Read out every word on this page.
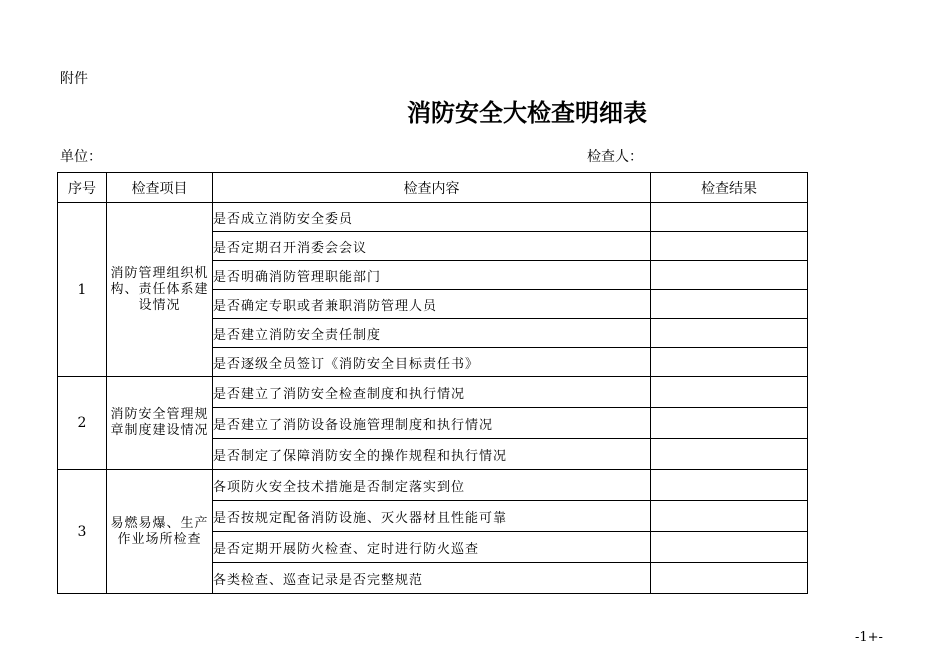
附件
消防安全大检查明细表
单位：	检查人：
序号	检查项目	检查内容	检查结果
1	消防管理组织机构、责任体系建设情况	是否成立消防安全委员	
		是否定期召开消委会会议	
		是否明确消防管理职能部门	
		是否确定专职或者兼职消防管理人员	
		是否建立消防安全责任制度	
		是否逐级全员签订《消防安全目标责任书》	
2	消防安全管理规章制度建设情况	是否建立了消防安全检查制度和执行情况	
		是否建立了消防设备设施管理制度和执行情况	
		是否制定了保障消防安全的操作规程和执行情况	
3	易燃易爆、生产作业场所检查	各项防火安全技术措施是否制定落实到位	
		是否按规定配备消防设施、灭火器材且性能可靠	
		是否定期开展防火检查、定时进行防火巡查	
		各类检查、巡查记录是否完整规范	
-1+-
